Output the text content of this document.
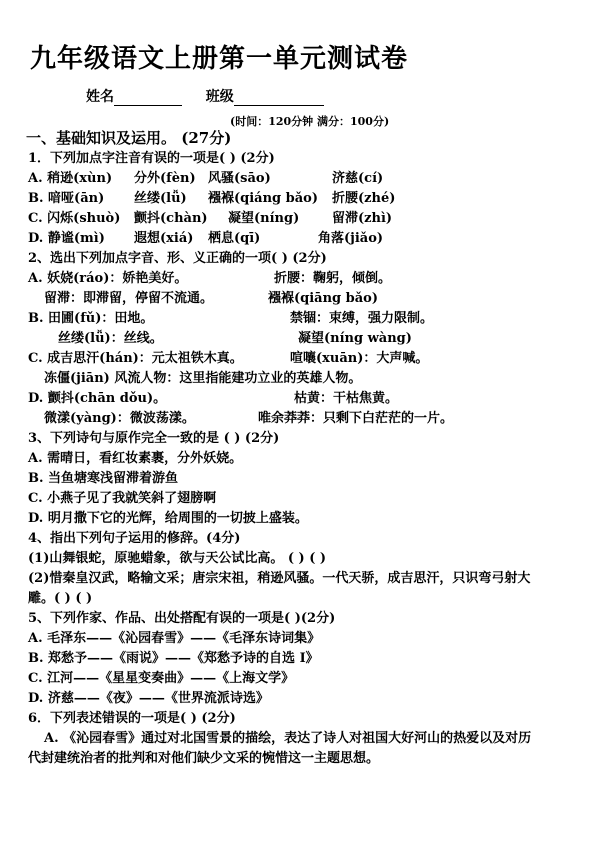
九年级语文上册第一单元测试卷
姓名	班级
(时间：120分钟 满分：100分)
一、基础知识及运用。 (27分)
1．下列加点字注音有误的一项是( ) (2分)
A. 稍逊(xùn) 分外(fèn) 风骚(sāo)	济慈(cí)
B. 喑哑(ān) 丝缕(lǚ) 襁褓(qiáng bǎo) 折腰(zhé)
C. 闪烁(shuò) 颤抖(chàn) 凝望(níng)	留滞(zhì)
D. 静谧(mì) 遐想(xiá) 栖息(qī)	角落(jiǎo)
2、选出下列加点字音、形、义正确的一项( ) (2分)
A. 妖娆(ráo)：娇艳美好。	折腰：鞠躬，倾倒。
留滞：即滞留，停留不流通。	襁褓(qiāng bǎo)
B. 田圃(fǔ)：田地。	禁锢：束缚，强力限制。
丝缕(lǚ)：丝线。	凝望(níng wàng)
C. 成吉思汗(hán)：元太祖铁木真。	喧嚷(xuān)：大声喊。
冻僵(jiān) 风流人物：这里指能建功立业的英雄人物。
D. 颤抖(chān dǒu)。	枯黄：干枯焦黄。
微漾(yàng)：微波荡漾。	唯余莽莽：只剩下白茫茫的一片。
3、下列诗句与原作完全一致的是 ( ) (2分)
A. 需晴日，看红妆素裹，分外妖娆。
B. 当鱼塘寒浅留滞着游鱼
C. 小燕子见了我就笑斜了翅膀啊
D. 明月撒下它的光辉，给周围的一切披上盛装。
4、指出下列句子运用的修辞。(4分)
(1)山舞银蛇，原驰蜡象，欲与天公试比高。 ( ) ( )
(2)惜秦皇汉武，略输文采；唐宗宋祖，稍逊风骚。一代天骄，成吉思汗，只识弯弓射大
雕。( ) ( )
5、下列作家、作品、出处搭配有误的一项是( )(2分)
A. 毛泽东——《沁园春雪》——《毛泽东诗词集》
B. 郑愁予——《雨说》——《郑愁予诗的自选 I》
C. 江河——《星星变奏曲》——《上海文学》
D. 济慈——《夜》——《世界流派诗选》
6．下列表述错误的一项是( ) (2分)
A. 《沁园春雪》通过对北国雪景的描绘，表达了诗人对祖国大好河山的热爱以及对历
代封建统治者的批判和对他们缺少文采的惋惜这一主题思想。
